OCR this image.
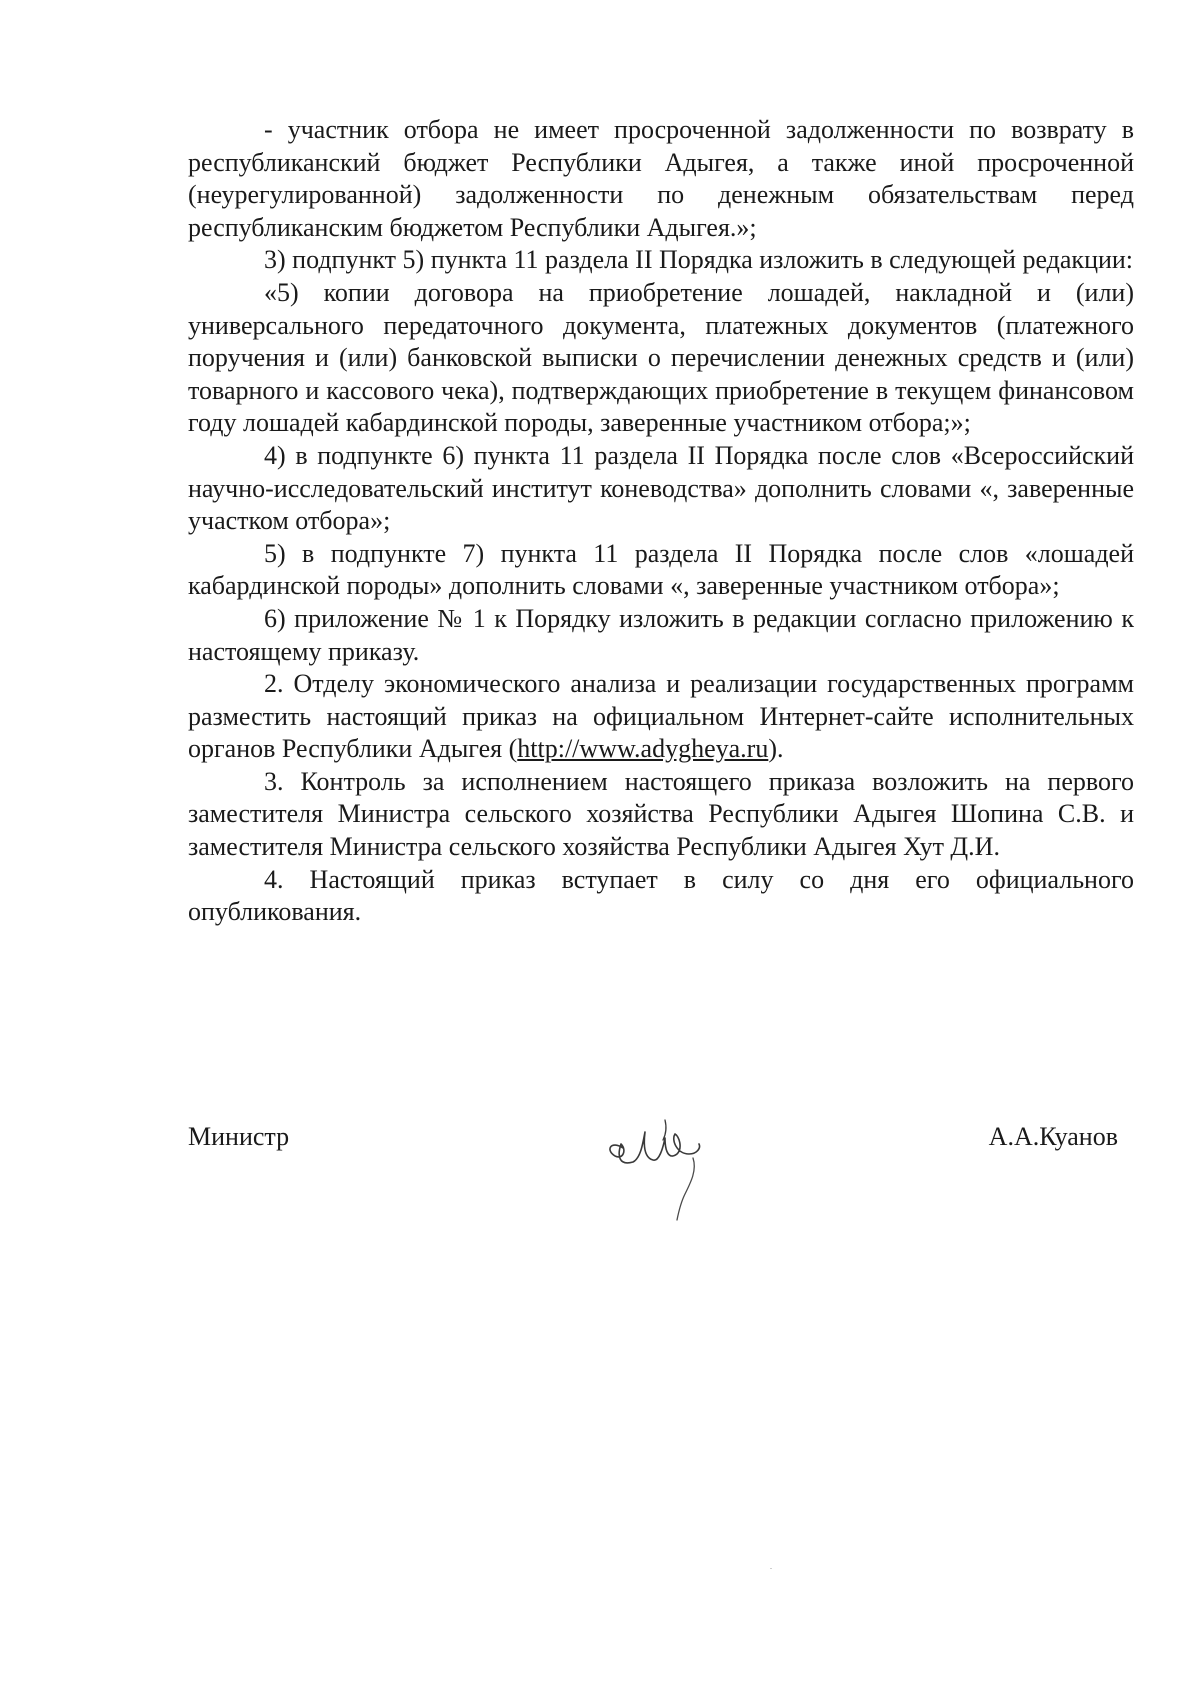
- участник отбора не имеет просроченной задолженности по возврату в республиканский бюджет Республики Адыгея, а также иной просроченной (неурегулированной) задолженности по денежным обязательствам перед республиканским бюджетом Республики Адыгея.»;

3) подпункт 5) пункта 11 раздела II Порядка изложить в следующей редакции:

«5) копии договора на приобретение лошадей, накладной и (или) универсального передаточного документа, платежных документов (платежного поручения и (или) банковской выписки о перечислении денежных средств и (или) товарного и кассового чека), подтверждающих приобретение в текущем финансовом году лошадей кабардинской породы, заверенные участником отбора;»;

4) в подпункте 6) пункта 11 раздела II Порядка после слов «Всероссийский научно-исследовательский институт коневодства» дополнить словами «, заверенные участком отбора»;

5) в подпункте 7) пункта 11 раздела II Порядка после слов «лошадей кабардинской породы» дополнить словами «, заверенные участником отбора»;

6) приложение № 1 к Порядку изложить в редакции согласно приложению к настоящему приказу.

2. Отделу экономического анализа и реализации государственных программ разместить настоящий приказ на официальном Интернет-сайте исполнительных органов Республики Адыгея (http://www.adygheya.ru).

3. Контроль за исполнением настоящего приказа возложить на первого заместителя Министра сельского хозяйства Республики Адыгея Шопина С.В. и заместителя Министра сельского хозяйства Республики Адыгея Хут Д.И.

4. Настоящий приказ вступает в силу со дня его официального опубликования.

Министр	А.А.Куанов
